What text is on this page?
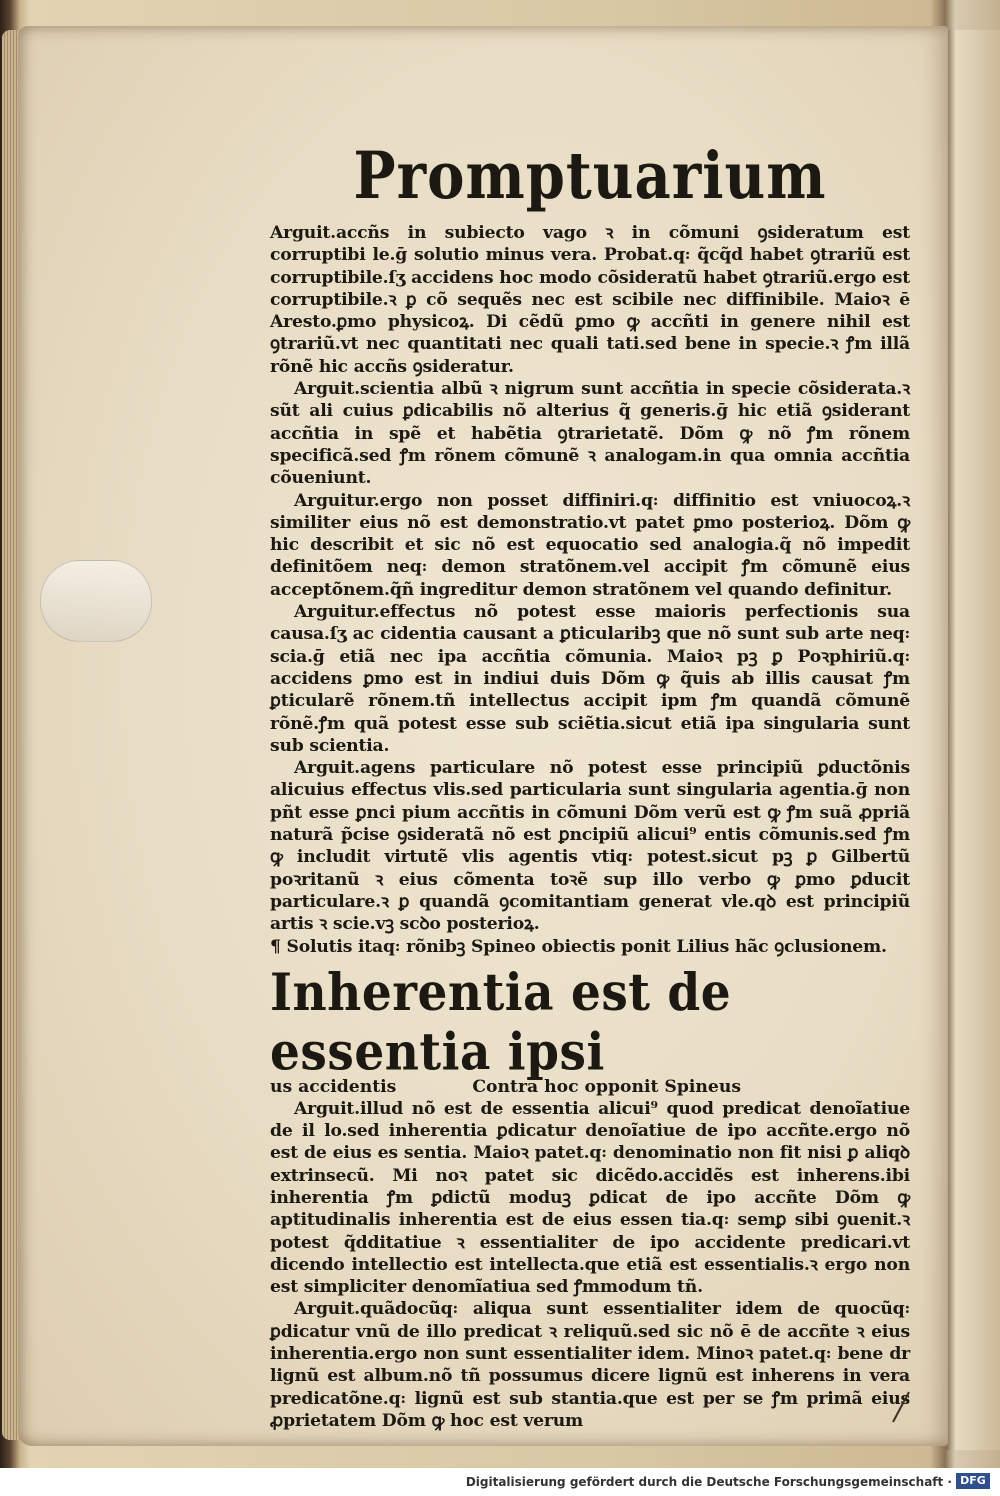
Promptuarium

Arguit.accñs in subiecto vago ꝛ in cõmuni ꝯsideratum est corruptibi le.ḡ solutio minus vera. Probat.q꞉ q̃cq̃d habet ꝯtrariũ est corruptibile.ſʒ accidens hoc modo cõsideratũ habet ꝯtrariũ.ergo est corruptibile.ꝛ ꝑ cõ sequẽs nec est scibile nec diffinibile. Maioꝛ ē Aresto.ꝑmo physicoꝝ. Di cẽdũ ꝑmo ꝙ accñti in genere nihil est ꝯtrariũ.vt nec quantitati nec quali tati.sed bene in specie.ꝛ ꝭm illã rõnẽ hic accñs ꝯsideratur.

Arguit.scientia albũ ꝛ nigrum sunt accñtia in specie cõsiderata.ꝛ sũt ali cuius ꝑdicabilis nõ alterius q̃ generis.ḡ hic etiã ꝯsiderant accñtia in spẽ et habẽtia ꝯtrarietatẽ. Dõm ꝙ nõ ꝭm rõnem specificã.sed ꝭm rõnem cõmunẽ ꝛ analogam.in qua omnia accñtia cõueniunt.

Arguitur.ergo non posset diffiniri.q꞉ diffinitio est vniuocoꝝ.ꝛ similiter eius nõ est demonstratio.vt patet ꝑmo posterioꝝ. Dõm ꝙ hic describit et sic nõ est equocatio sed analogia.q̃ nõ impedit definitõem neq꞉ demon stratõnem.vel accipit ꝭm cõmunẽ eius acceptõnem.q̃ñ ingreditur demon stratõnem vel quando definitur.

Arguitur.effectus nõ potest esse maioris perfectionis sua causa.ſʒ ac cidentia causant a ꝑticularibꝫ que nõ sunt sub arte neq꞉ scia.ḡ etiã nec ipa accñtia cõmunia. Maioꝛ pꝫ ꝑ Poꝛphiriũ.q꞉ accidens ꝑmo est in indiui duis Dõm ꝙ q̃uis ab illis causat ꝭm ꝑticularẽ rõnem.tñ intellectus accipit ipm ꝭm quandã cõmunẽ rõnẽ.ꝭm quã potest esse sub sciẽtia.sicut etiã ipa singularia sunt sub scientia.

Arguit.agens particulare nõ potest esse principiũ ꝑductõnis alicuius effectus vlis.sed particularia sunt singularia agentia.ḡ non pñt esse ꝑnci pium accñtis in cõmuni Dõm verũ est ꝙ ꝭm suã ꝓpriã naturã p̃cise ꝯsideratã nõ est ꝑncipiũ alicui⁹ entis cõmunis.sed ꝭm ꝙ includit virtutẽ vlis agentis vtiq꞉ potest.sicut pꝫ ꝑ Gilbertũ poꝛritanũ ꝛ eius cõmenta toꝛẽ sup illo verbo ꝙ ꝑmo ꝑducit particulare.ꝛ ꝑ quandã ꝯcomitantiam generat vle.qꝺ est principiũ artis ꝛ scie.vꝫ scꝺo posterioꝝ.

¶ Solutis itaq꞉ rõnibꝫ Spineo obiectis ponit Lilius hãc ꝯclusionem.

Inherentia est de essentia ipsi

us accidentis	Contra hoc opponit Spineus

Arguit.illud nõ est de essentia alicui⁹ quod predicat denoĩatiue de il lo.sed inherentia ꝑdicatur denoĩatiue de ipo accñte.ergo nõ est de eius es sentia. Maioꝛ patet.q꞉ denominatio non fit nisi ꝑ aliqꝺ extrinsecũ. Mi noꝛ patet sic dicẽdo.accidẽs est inherens.ibi inherentia ꝭm ꝑdictũ moduꝫ ꝑdicat de ipo accñte Dõm ꝙ aptitudinalis inherentia est de eius essen tia.q꞉ semꝑ sibi ꝯuenit.ꝛ potest q̃dditatiue ꝛ essentialiter de ipo accidente predicari.vt dicendo intellectio est intellecta.que etiã est essentialis.ꝛ ergo non est simpliciter denomĩatiua sed ꝭmmodum tñ.

Arguit.quãdocũq꞉ aliqua sunt essentialiter idem de quocũq꞉ ꝑdicatur vnũ de illo predicat ꝛ reliquũ.sed sic nõ ē de accñte ꝛ eius inherentia.ergo non sunt essentialiter idem. Minoꝛ patet.q꞉ bene dr lignũ est album.nõ tñ possumus dicere lignũ est inherens in vera predicatõne.q꞉ lignũ est sub stantia.que est per se ꝭm primã eius ꝓprietatem Dõm ꝙ hoc est verum

Digitalisierung gefördert durch die Deutsche Forschungsgemeinschaft · DFG
